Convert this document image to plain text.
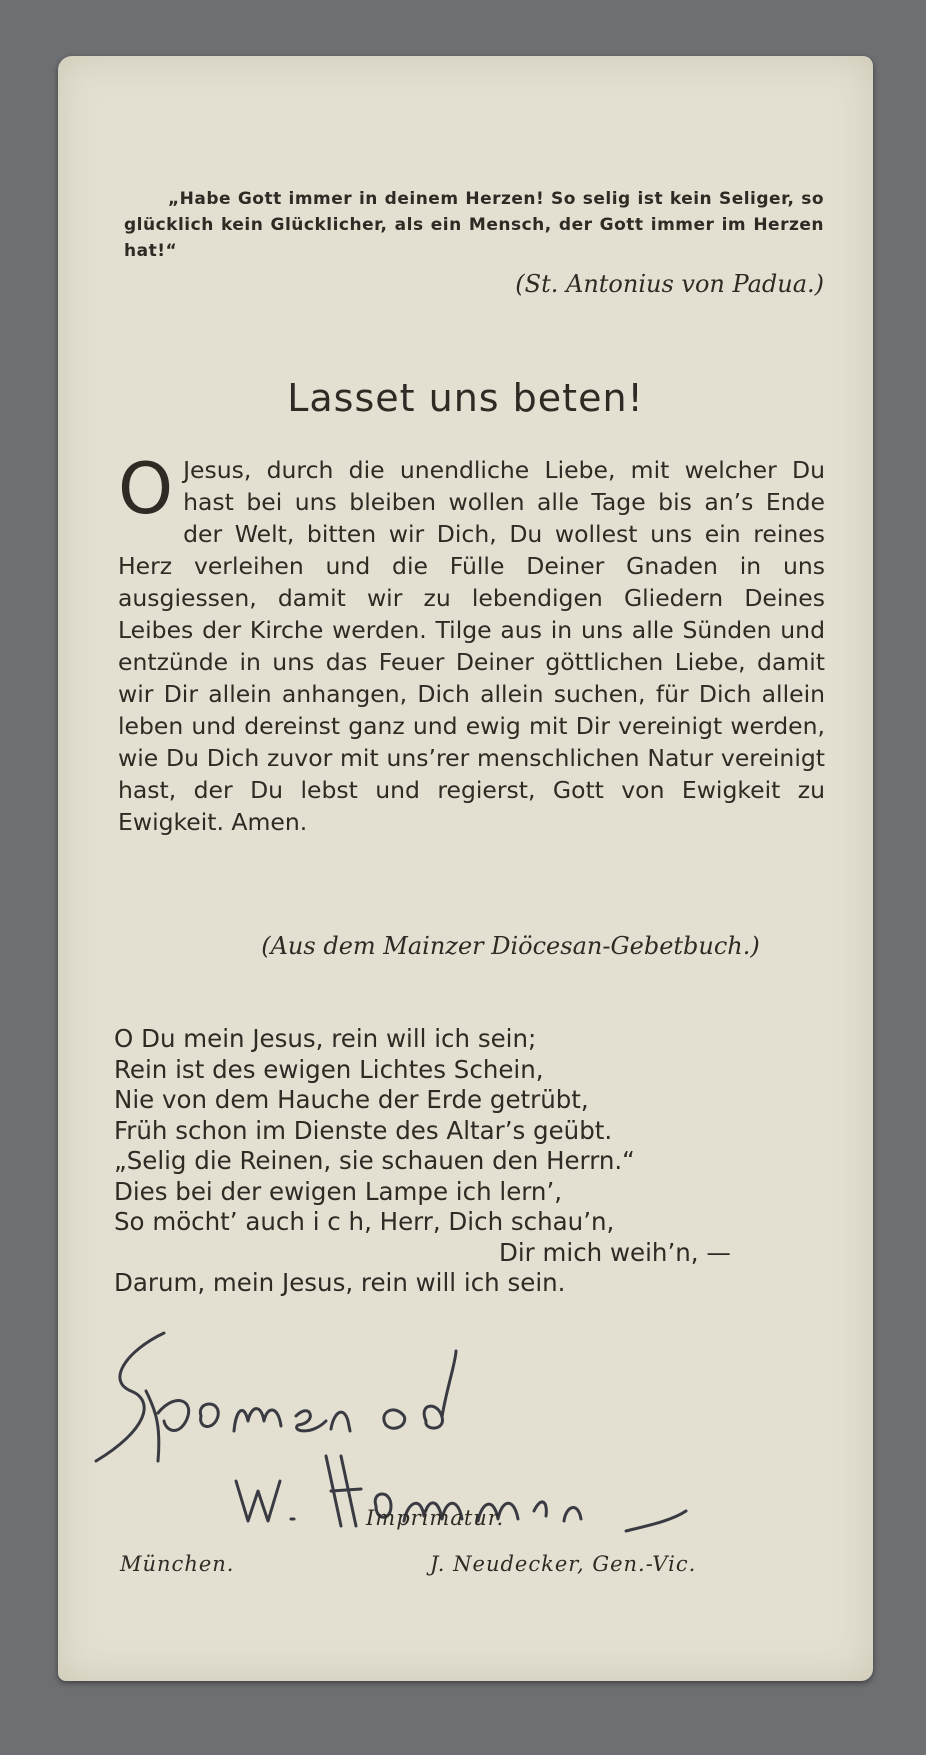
„Habe Gott immer in deinem Herzen! So selig ist kein Seliger, so glücklich kein Glücklicher, als ein Mensch, der Gott immer im Herzen hat!“
(St. Antonius von Padua.)
Lasset uns beten!
O Jesus, durch die unendliche Liebe, mit welcher Du hast bei uns bleiben wollen alle Tage bis an’s Ende der Welt, bitten wir Dich, Du wollest uns ein reines Herz verleihen und die Fülle Deiner Gnaden in uns ausgiessen, damit wir zu lebendigen Gliedern Deines Leibes der Kirche werden. Tilge aus in uns alle Sünden und entzünde in uns das Feuer Deiner göttlichen Liebe, damit wir Dir allein anhangen, Dich allein suchen, für Dich allein leben und dereinst ganz und ewig mit Dir vereinigt werden, wie Du Dich zuvor mit uns’rer menschlichen Natur vereinigt hast, der Du lebst und regierst, Gott von Ewigkeit zu Ewigkeit. Amen.
(Aus dem Mainzer Diöcesan-Gebetbuch.)
O Du mein Jesus, rein will ich sein;
Rein ist des ewigen Lichtes Schein,
Nie von dem Hauche der Erde getrübt,
Früh schon im Dienste des Altar’s geübt.
„Selig die Reinen, sie schauen den Herrn.“
Dies bei der ewigen Lampe ich lern’,
So möcht’ auch i c h, Herr, Dich schau’n,
Dir mich weih’n, —
Darum, mein Jesus, rein will ich sein.
Imprimatur.
München.	J. Neudecker, Gen.-Vic.
